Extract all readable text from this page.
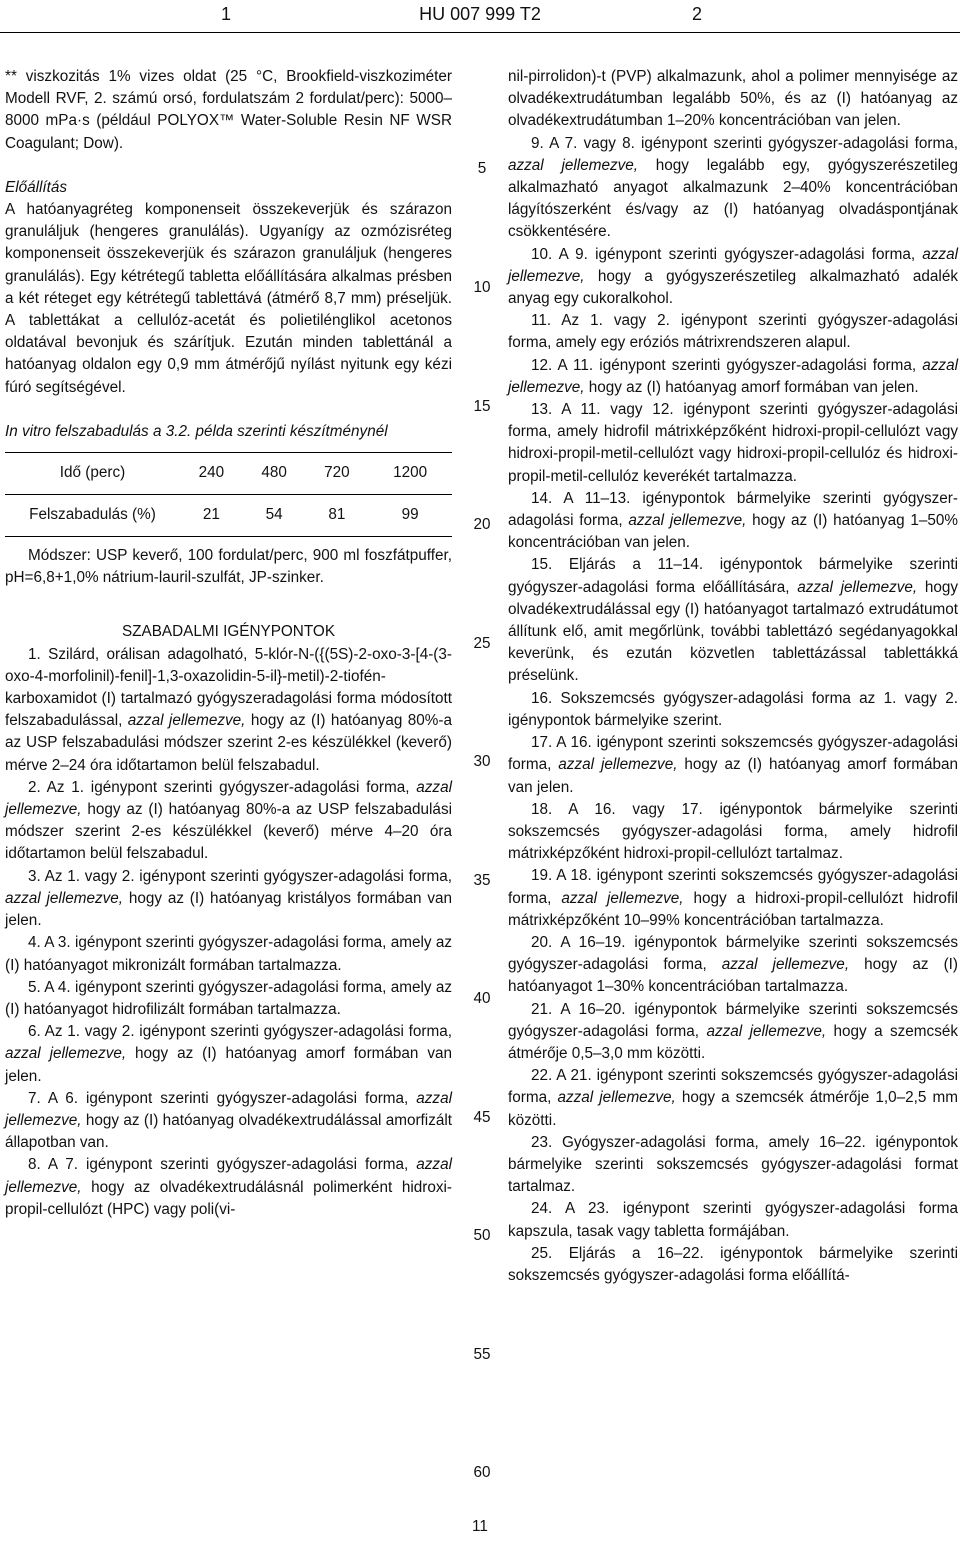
1	HU 007 999 T2	2

** viszkozitás 1% vizes oldat (25 °C, Brookfield-viszkoziméter Modell RVF, 2. számú orsó, fordulatszám 2 fordulat/perc): 5000–8000 mPa·s (például POLYOX™ Water-Soluble Resin NF WSR Coagulant; Dow).

Előállítás

A hatóanyagréteg komponenseit összekeverjük és szárazon granuláljuk (hengeres granulálás). Ugyanígy az ozmózisréteg komponenseit összekeverjük és szárazon granuláljuk (hengeres granulálás). Egy kétrétegű tabletta előállítására alkalmas présben a két réteget egy kétrétegű tablettává (átmérő 8,7 mm) préseljük. A tablettákat a cellulóz-acetát és polietilénglikol acetonos oldatával bevonjuk és szárítjuk. Ezután minden tablettánál a hatóanyag oldalon egy 0,9 mm átmérőjű nyílást nyitunk egy kézi fúró segítségével.

In vitro felszabadulás a 3.2. példa szerinti készítménynél

Idő (perc)	240	480	720	1200
Felszabadulás (%)	21	54	81	99

Módszer: USP keverő, 100 fordulat/perc, 900 ml foszfátpuffer, pH=6,8+1,0% nátrium-lauril-szulfát, JP-szinker.

SZABADALMI IGÉNYPONTOK

1. Szilárd, orálisan adagolható, 5-klór-N-({(5S)-2-oxo-3-[4-(3-oxo-4-morfolinil)-fenil]-1,3-oxazolidin-5-il}-metil)-2-tiofén-karboxamidot (I) tartalmazó gyógyszeradagolási forma módosított felszabadulással, azzal jellemezve, hogy az (I) hatóanyag 80%-a az USP felszabadulási módszer szerint 2-es készülékkel (keverő) mérve 2–24 óra időtartamon belül felszabadul.

2. Az 1. igénypont szerinti gyógyszer-adagolási forma, azzal jellemezve, hogy az (I) hatóanyag 80%-a az USP felszabadulási módszer szerint 2-es készülékkel (keverő) mérve 4–20 óra időtartamon belül felszabadul.

3. Az 1. vagy 2. igénypont szerinti gyógyszer-adagolási forma, azzal jellemezve, hogy az (I) hatóanyag kristályos formában van jelen.

4. A 3. igénypont szerinti gyógyszer-adagolási forma, amely az (I) hatóanyagot mikronizált formában tartalmazza.

5. A 4. igénypont szerinti gyógyszer-adagolási forma, amely az (I) hatóanyagot hidrofilizált formában tartalmazza.

6. Az 1. vagy 2. igénypont szerinti gyógyszer-adagolási forma, azzal jellemezve, hogy az (I) hatóanyag amorf formában van jelen.

7. A 6. igénypont szerinti gyógyszer-adagolási forma, azzal jellemezve, hogy az (I) hatóanyag olvadékextrudálással amorfizált állapotban van.

8. A 7. igénypont szerinti gyógyszer-adagolási forma, azzal jellemezve, hogy az olvadékextrudálásnál polimerként hidroxi-propil-cellulózt (HPC) vagy poli(vi-

nil-pirrolidon)-t (PVP) alkalmazunk, ahol a polimer mennyisége az olvadékextrudátumban legalább 50%, és az (I) hatóanyag az olvadékextrudátumban 1–20% koncentrációban van jelen.

9. A 7. vagy 8. igénypont szerinti gyógyszer-adagolási forma, azzal jellemezve, hogy legalább egy, gyógyszerészetileg alkalmazható anyagot alkalmazunk 2–40% koncentrációban lágyítószerként és/vagy az (I) hatóanyag olvadáspontjának csökkentésére.

10. A 9. igénypont szerinti gyógyszer-adagolási forma, azzal jellemezve, hogy a gyógyszerészetileg alkalmazható adalék anyag egy cukoralkohol.

11. Az 1. vagy 2. igénypont szerinti gyógyszer-adagolási forma, amely egy eróziós mátrixrendszeren alapul.

12. A 11. igénypont szerinti gyógyszer-adagolási forma, azzal jellemezve, hogy az (I) hatóanyag amorf formában van jelen.

13. A 11. vagy 12. igénypont szerinti gyógyszer-adagolási forma, amely hidrofil mátrixképzőként hidroxi-propil-cellulózt vagy hidroxi-propil-metil-cellulózt vagy hidroxi-propil-cellulóz és hidroxi-propil-metil-cellulóz keverékét tartalmazza.

14. A 11–13. igénypontok bármelyike szerinti gyógyszer-adagolási forma, azzal jellemezve, hogy az (I) hatóanyag 1–50% koncentrációban van jelen.

15. Eljárás a 11–14. igénypontok bármelyike szerinti gyógyszer-adagolási forma előállítására, azzal jellemezve, hogy olvadékextrudálással egy (I) hatóanyagot tartalmazó extrudátumot állítunk elő, amit megőrlünk, további tablettázó segédanyagokkal keverünk, és ezután közvetlen tablettázással tablettákká préselünk.

16. Sokszemcsés gyógyszer-adagolási forma az 1. vagy 2. igénypontok bármelyike szerint.

17. A 16. igénypont szerinti sokszemcsés gyógyszer-adagolási forma, azzal jellemezve, hogy az (I) hatóanyag amorf formában van jelen.

18. A 16. vagy 17. igénypontok bármelyike szerinti sokszemcsés gyógyszer-adagolási forma, amely hidrofil mátrixképzőként hidroxi-propil-cellulózt tartalmaz.

19. A 18. igénypont szerinti sokszemcsés gyógyszer-adagolási forma, azzal jellemezve, hogy a hidroxi-propil-cellulózt hidrofil mátrixképzőként 10–99% koncentrációban tartalmazza.

20. A 16–19. igénypontok bármelyike szerinti sokszemcsés gyógyszer-adagolási forma, azzal jellemezve, hogy az (I) hatóanyagot 1–30% koncentrációban tartalmazza.

21. A 16–20. igénypontok bármelyike szerinti sokszemcsés gyógyszer-adagolási forma, azzal jellemezve, hogy a szemcsék átmérője 0,5–3,0 mm közötti.

22. A 21. igénypont szerinti sokszemcsés gyógyszer-adagolási forma, azzal jellemezve, hogy a szemcsék átmérője 1,0–2,5 mm közötti.

23. Gyógyszer-adagolási forma, amely 16–22. igénypontok bármelyike szerinti sokszemcsés gyógyszer-adagolási format tartalmaz.

24. A 23. igénypont szerinti gyógyszer-adagolási forma kapszula, tasak vagy tabletta formájában.

25. Eljárás a 16–22. igénypontok bármelyike szerinti sokszemcsés gyógyszer-adagolási forma előállítá-

5
10
15
20
25
30
35
40
45
50
55
60
11
